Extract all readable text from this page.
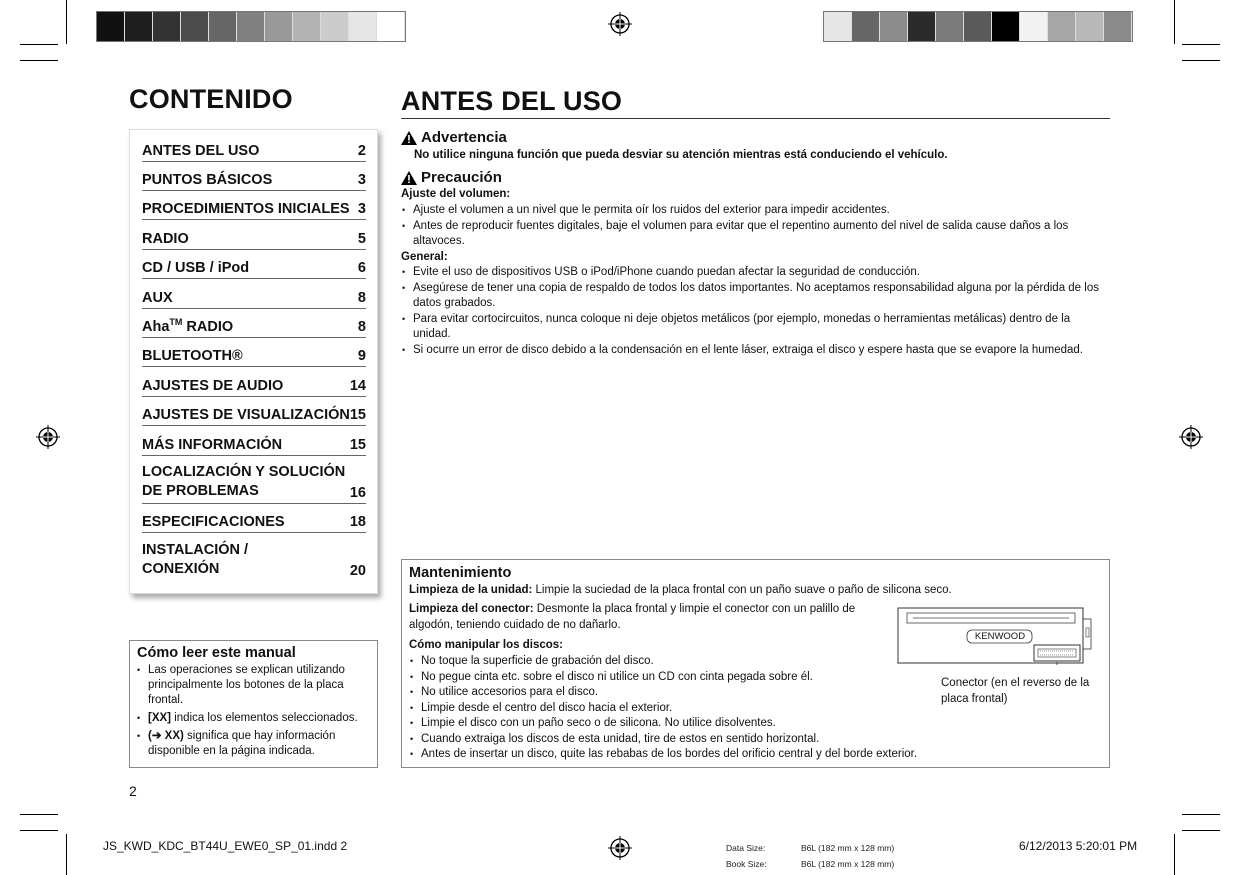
CONTENIDO	ANTES DEL USO
ANTES DEL USO	2
PUNTOS BÁSICOS	3
PROCEDIMIENTOS INICIALES 3
RADIO	5
CD / USB / iPod	6
AUX	8
Aha™ RADIO	8
BLUETOOTH®	9
AJUSTES DE AUDIO	14
AJUSTES DE VISUALIZACIÓN 15
MÁS INFORMACIÓN	15
LOCALIZACIÓN Y SOLUCIÓN
DE PROBLEMAS	16
ESPECIFICACIONES	18
INSTALACIÓN /
CONEXIÓN	20
Cómo leer este manual
• Las operaciones se explican utilizando principalmente los botones de la placa frontal.
• [XX] indica los elementos seleccionados.
• (➔ XX) significa que hay información disponible en la página indicada.
Advertencia
No utilice ninguna función que pueda desviar su atención mientras está conduciendo el vehículo.
Precaución
Ajuste del volumen:
• Ajuste el volumen a un nivel que le permita oír los ruidos del exterior para impedir accidentes.
• Antes de reproducir fuentes digitales, baje el volumen para evitar que el repentino aumento del nivel de salida cause daños a los altavoces.
General:
• Evite el uso de dispositivos USB o iPod/iPhone cuando puedan afectar la seguridad de conducción.
• Asegúrese de tener una copia de respaldo de todos los datos importantes. No aceptamos responsabilidad alguna por la pérdida de los datos grabados.
• Para evitar cortocircuitos, nunca coloque ni deje objetos metálicos (por ejemplo, monedas o herramientas metálicas) dentro de la unidad.
• Si ocurre un error de disco debido a la condensación en el lente láser, extraiga el disco y espere hasta que se evapore la humedad.
Mantenimiento
Limpieza de la unidad: Limpie la suciedad de la placa frontal con un paño suave o paño de silicona seco.
Limpieza del conector: Desmonte la placa frontal y limpie el conector con un palillo de algodón, teniendo cuidado de no dañarlo.
Cómo manipular los discos:
• No toque la superficie de grabación del disco.
• No pegue cinta etc. sobre el disco ni utilice un CD con cinta pegada sobre él.
• No utilice accesorios para el disco.
• Limpie desde el centro del disco hacia el exterior.
• Limpie el disco con un paño seco o de silicona. No utilice disolventes.
• Cuando extraiga los discos de esta unidad, tire de estos en sentido horizontal.
• Antes de insertar un disco, quite las rebabas de los bordes del orificio central y del borde exterior.
KENWOOD
Conector (en el reverso de la placa frontal)
2
JS_KWD_KDC_BT44U_EWE0_SP_01.indd 2	Data Size:	B6L (182 mm x 128 mm)
Book Size:	B6L (182 mm x 128 mm)
6/12/2013 5:20:01 PM
